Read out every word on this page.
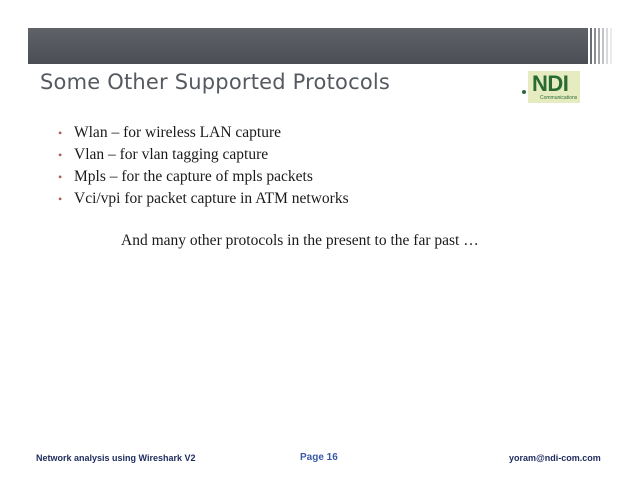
Some Other Supported Protocols	NDI
Communications
• Wlan – for wireless LAN capture
• Vlan – for vlan tagging capture
• Mpls – for the capture of mpls packets
• Vci/vpi for packet capture in ATM networks
And many other protocols in the present to the far past …
Network analysis using Wireshark V2	Page 16	yoram@ndi-com.com
